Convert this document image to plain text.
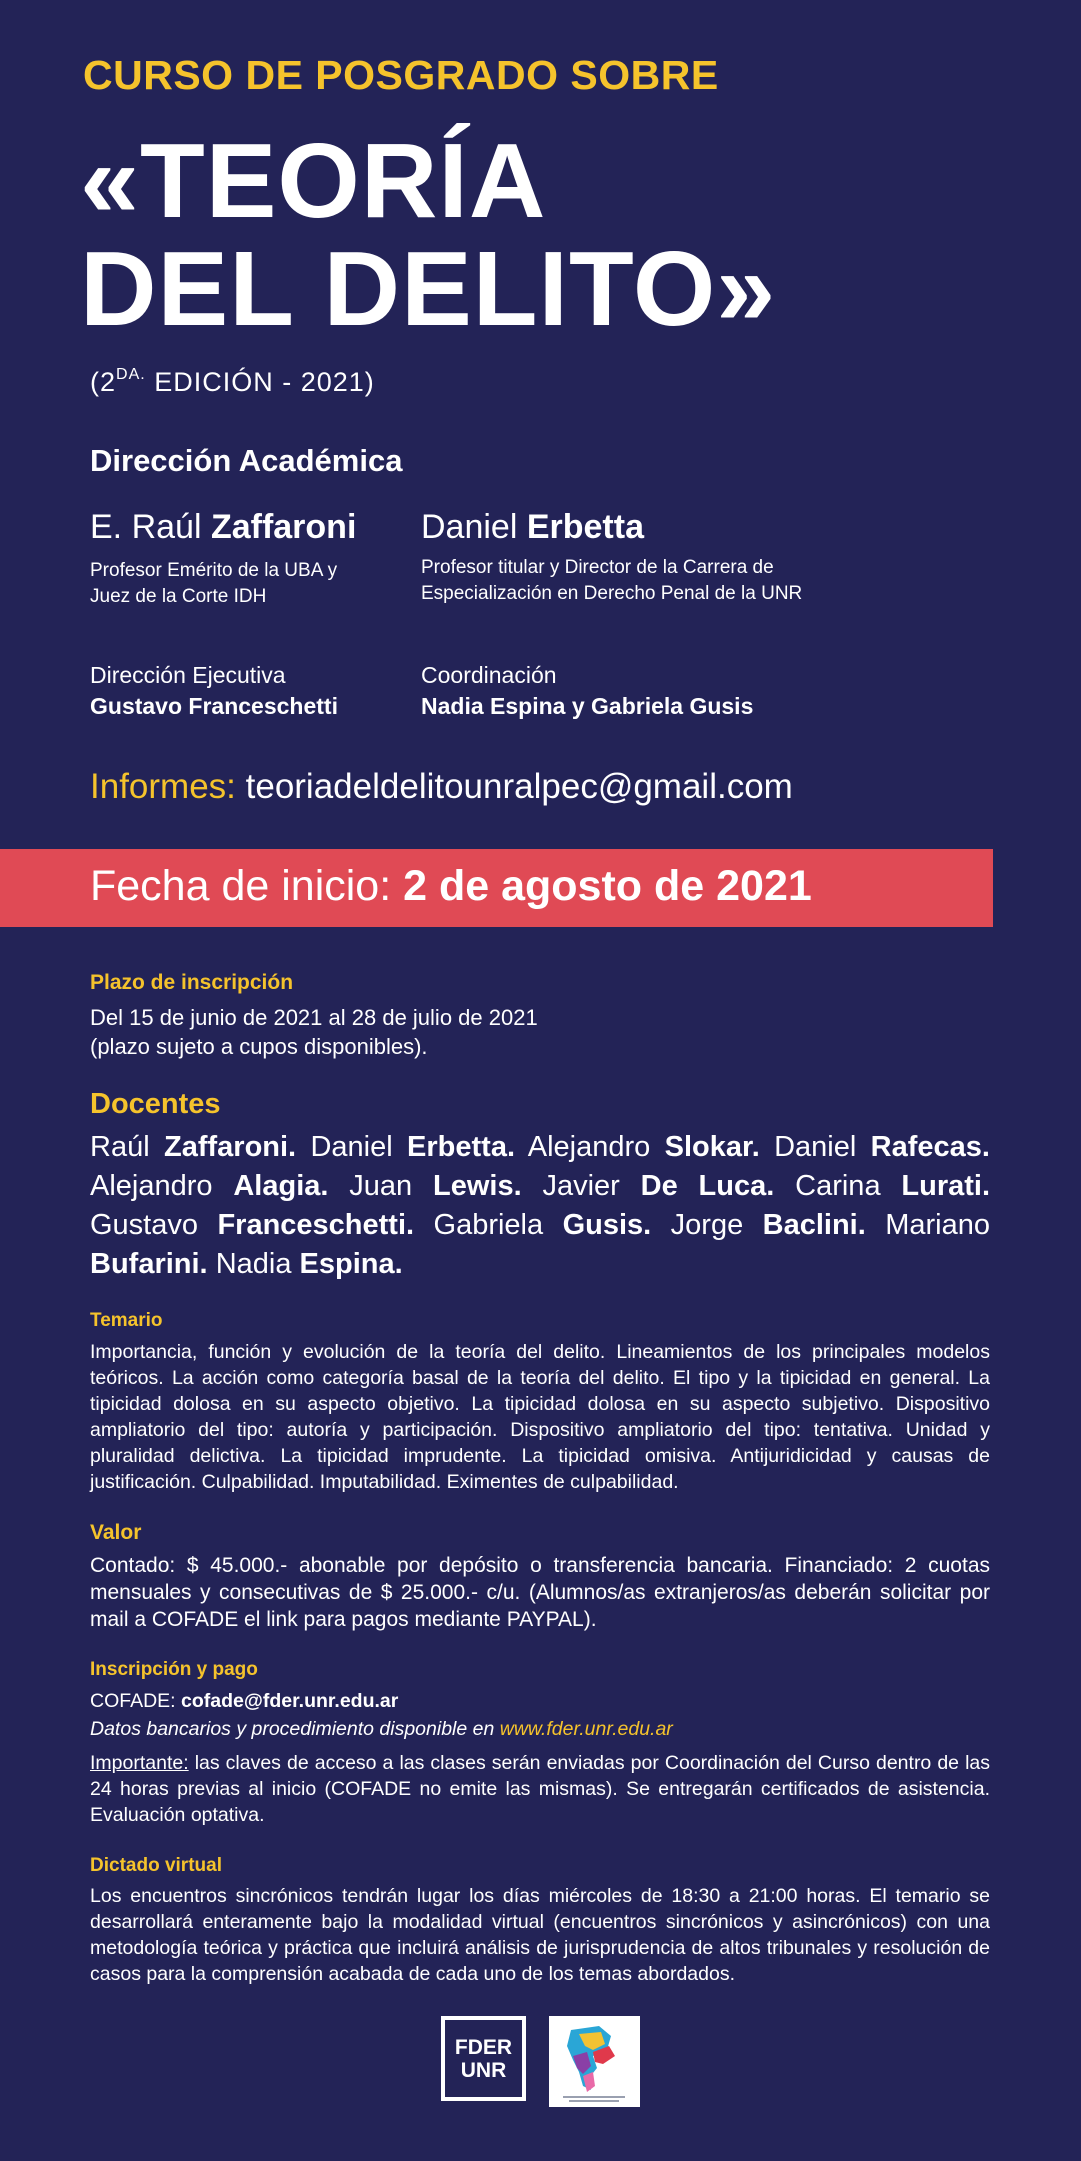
CURSO DE POSGRADO SOBRE
«TEORÍA
DEL DELITO»
($2^{DA.}$ EDICIÓN - 2021)
Dirección Académica
E. Raúl Zaffaroni
Profesor Emérito de la UBA y Juez de la Corte IDH
Daniel Erbetta
Profesor titular y Director de la Carrera de
Especialización en Derecho Penal de la UNR
Dirección Ejecutiva
Gustavo Franceschetti
Coordinación
Nadia Espina y Gabriela Gusis
Informes: teoriadeldelitounralpec@gmail.com
Fecha de inicio: 2 de agosto de 2021
Plazo de inscripción
Del 15 de junio de 2021 al 28 de julio de 2021
(plazo sujeto a cupos disponibles).
Docentes
Raúl Zaffaroni. Daniel Erbetta. Alejandro Slokar. Daniel Rafecas. Alejandro Alagia. Juan Lewis. Javier De Luca. Carina Lurati. Gustavo Franceschetti. Gabriela Gusis. Jorge Baclini. Mariano Bufarini. Nadia Espina.
Temario
Importancia, función y evolución de la teoría del delito. Lineamientos de los principales modelos teóricos. La acción como categoría basal de la teoría del delito. El tipo y la tipicidad en general. La tipicidad dolosa en su aspecto objetivo. La tipicidad dolosa en su aspecto subjetivo. Dispositivo ampliatorio del tipo: autoría y participación. Dispositivo ampliatorio del tipo: tentativa. Unidad y pluralidad delictiva. La tipicidad imprudente. La tipicidad omisiva. Antijuridicidad y causas de justificación. Culpabilidad. Imputabilidad. Eximentes de culpabilidad.
Valor
Contado: $ 45.000.- abonable por depósito o transferencia bancaria. Financiado: 2 cuotas mensuales y consecutivas de $ 25.000.- c/u. (Alumnos/as extranjeros/as deberán solicitar por mail a COFADE el link para pagos mediante PAYPAL).
Inscripción y pago
COFADE: cofade@fder.unr.edu.ar
Datos bancarios y procedimiento disponible en www.fder.unr.edu.ar
Importante: las claves de acceso a las clases serán enviadas por Coordinación del Curso dentro de las 24 horas previas al inicio (COFADE no emite las mismas). Se entregarán certificados de asistencia. Evaluación optativa.
Dictado virtual
Los encuentros sincrónicos tendrán lugar los días miércoles de 18:30 a 21:00 horas. El temario se desarrollará enteramente bajo la modalidad virtual (encuentros sincrónicos y asincrónicos) con una metodología teórica y práctica que incluirá análisis de jurisprudencia de altos tribunales y resolución de casos para la comprensión acabada de cada uno de los temas abordados.
FDER
UNR
